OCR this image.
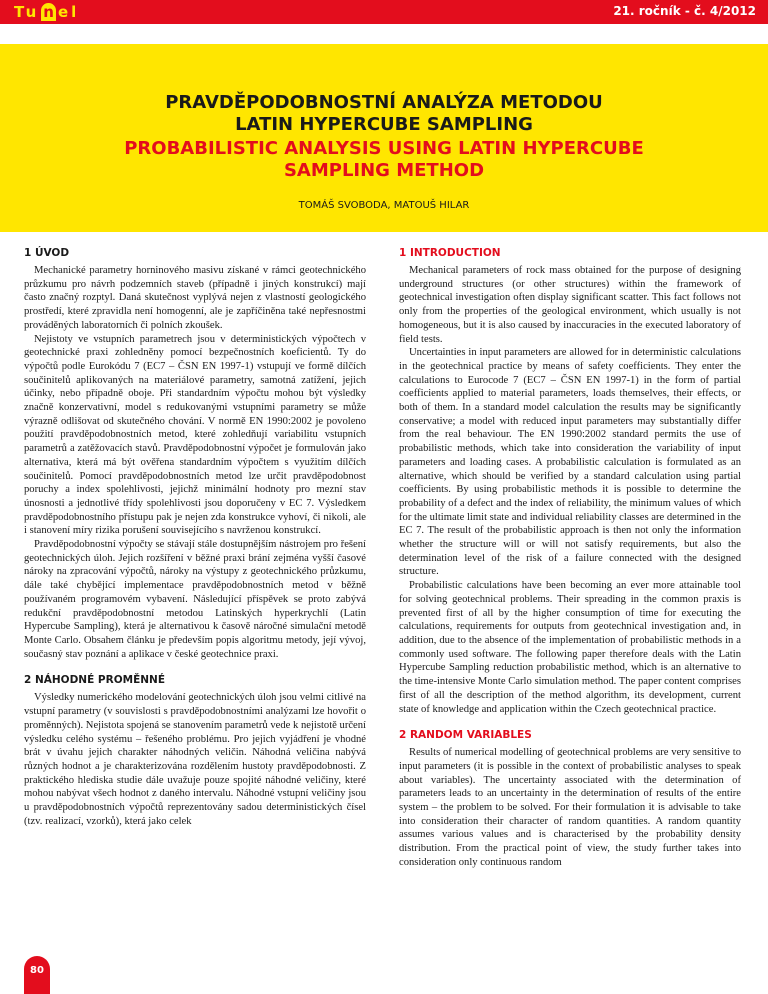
Tu n el	21. ročník - č. 4/2012
PRAVDĚPODOBNOSTNÍ ANALÝZA METODOU
LATIN HYPERCUBE SAMPLING
PROBABILISTIC ANALYSIS USING LATIN HYPERCUBE
SAMPLING METHOD
TOMÁŠ SVOBODA, MATOUŠ HILAR
1 ÚVOD

Mechanické parametry horninového masivu získané v rámci geotechnického průzkumu pro návrh podzemních staveb (případně i jiných konstrukcí) mají často značný rozptyl. Daná skutečnost vyplývá nejen z vlastností geologického prostředí, které zpravidla není homogenní, ale je zapříčiněna také nepřesnostmi prováděných laboratorních či polních zkoušek.

Nejistoty ve vstupních parametrech jsou v deterministických výpočtech v geotechnické praxi zohledněny pomocí bezpečnostních koeficientů. Ty do výpočtů podle Eurokódu 7 (EC7 – ČSN EN 1997-1) vstupují ve formě dílčích součinitelů aplikovaných na materiálové parametry, samotná zatížení, jejich účinky, nebo případně oboje. Při standardním výpočtu mohou být výsledky značně konzervativní, model s redukovanými vstupními parametry se může výrazně odlišovat od skutečného chování. V normě EN 1990:2002 je povoleno použití pravděpodobnostních metod, které zohledňují variabilitu vstupních parametrů a zatěžovacích stavů. Pravděpodobnostní výpočet je formulován jako alternativa, která má být ověřena standardním výpočtem s využitím dílčích součinitelů. Pomocí pravděpodobnostních metod lze určit pravděpodobnost poruchy a index spolehlivosti, jejichž minimální hodnoty pro mezní stav únosnosti a jednotlivé třídy spolehlivosti jsou doporučeny v EC 7. Výsledkem pravděpodobnostního přístupu pak je nejen zda konstrukce vyhoví, či nikoli, ale i stanovení míry rizika porušení souvisejícího s navrženou konstrukcí.

Pravděpodobnostní výpočty se stávají stále dostupnějším nástrojem pro řešení geotechnických úloh. Jejich rozšíření v běžné praxi brání zejména vyšší časové nároky na zpracování výpočtů, nároky na výstupy z geotechnického průzkumu, dále také chybějící implementace pravděpodobnostních metod v běžně používaném programovém vybavení. Následující příspěvek se proto zabývá redukční pravděpodobnostní metodou Latinských hyperkrychlí (Latin Hypercube Sampling), která je alternativou k časově náročné simulační metodě Monte Carlo. Obsahem článku je především popis algoritmu metody, její vývoj, současný stav poznání a aplikace v české geotechnice praxi.

2 NÁHODNÉ PROMĚNNÉ

Výsledky numerického modelování geotechnických úloh jsou velmi citlivé na vstupní parametry (v souvislosti s pravděpodobnostními analýzami lze hovořit o proměnných). Nejistota spojená se stanovením parametrů vede k nejistotě určení výsledku celého systému – řešeného problému. Pro jejich vyjádření je vhodné brát v úvahu jejich charakter náhodných veličin. Náhodná veličina nabývá různých hodnot a je charakterizována rozdělením hustoty pravděpodobnosti. Z praktického hlediska studie dále uvažuje pouze spojité náhodné veličiny, které mohou nabývat všech hodnot z daného intervalu. Náhodné vstupní veličiny jsou u pravděpodobnostních výpočtů reprezentovány sadou deterministických čísel (tzv. realizací, vzorků), která jako celek

1 INTRODUCTION

Mechanical parameters of rock mass obtained for the purpose of designing underground structures (or other structures) within the framework of geotechnical investigation often display significant scatter. This fact follows not only from the properties of the geological environment, which usually is not homogeneous, but it is also caused by inaccuracies in the executed laboratory of field tests.

Uncertainties in input parameters are allowed for in deterministic calculations in the geotechnical practice by means of safety coefficients. They enter the calculations to Eurocode 7 (EC7 – ČSN EN 1997-1) in the form of partial coefficients applied to material parameters, loads themselves, their effects, or both of them. In a standard model calculation the results may be significantly conservative; a model with reduced input parameters may substantially differ from the real behaviour. The EN 1990:2002 standard permits the use of probabilistic methods, which take into consideration the variability of input parameters and loading cases. A probabilistic calculation is formulated as an alternative, which should be verified by a standard calculation using partial coefficients. By using probabilistic methods it is possible to determine the probability of a defect and the index of reliability, the minimum values of which for the ultimate limit state and individual reliability classes are determined in the EC 7. The result of the probabilistic approach is then not only the information whether the structure will or will not satisfy requirements, but also the determination level of the risk of a failure connected with the designed structure.

Probabilistic calculations have been becoming an ever more attainable tool for solving geotechnical problems. Their spreading in the common praxis is prevented first of all by the higher consumption of time for executing the calculations, requirements for outputs from geotechnical investigation and, in addition, due to the absence of the implementation of probabilistic methods in a commonly used software. The following paper therefore deals with the Latin Hypercube Sampling reduction probabilistic method, which is an alternative to the time-intensive Monte Carlo simulation method. The paper content comprises first of all the description of the method algorithm, its development, current state of knowledge and application within the Czech geotechnical practice.

2 RANDOM VARIABLES

Results of numerical modelling of geotechnical problems are very sensitive to input parameters (it is possible in the context of probabilistic analyses to speak about variables). The uncertainty associated with the determination of parameters leads to an uncertainty in the determination of results of the entire system – the problem to be solved. For their formulation it is advisable to take into consideration their character of random quantities. A random quantity assumes various values and is characterised by the probability density distribution. From the practical point of view, the study further takes into consideration only continuous random

80
